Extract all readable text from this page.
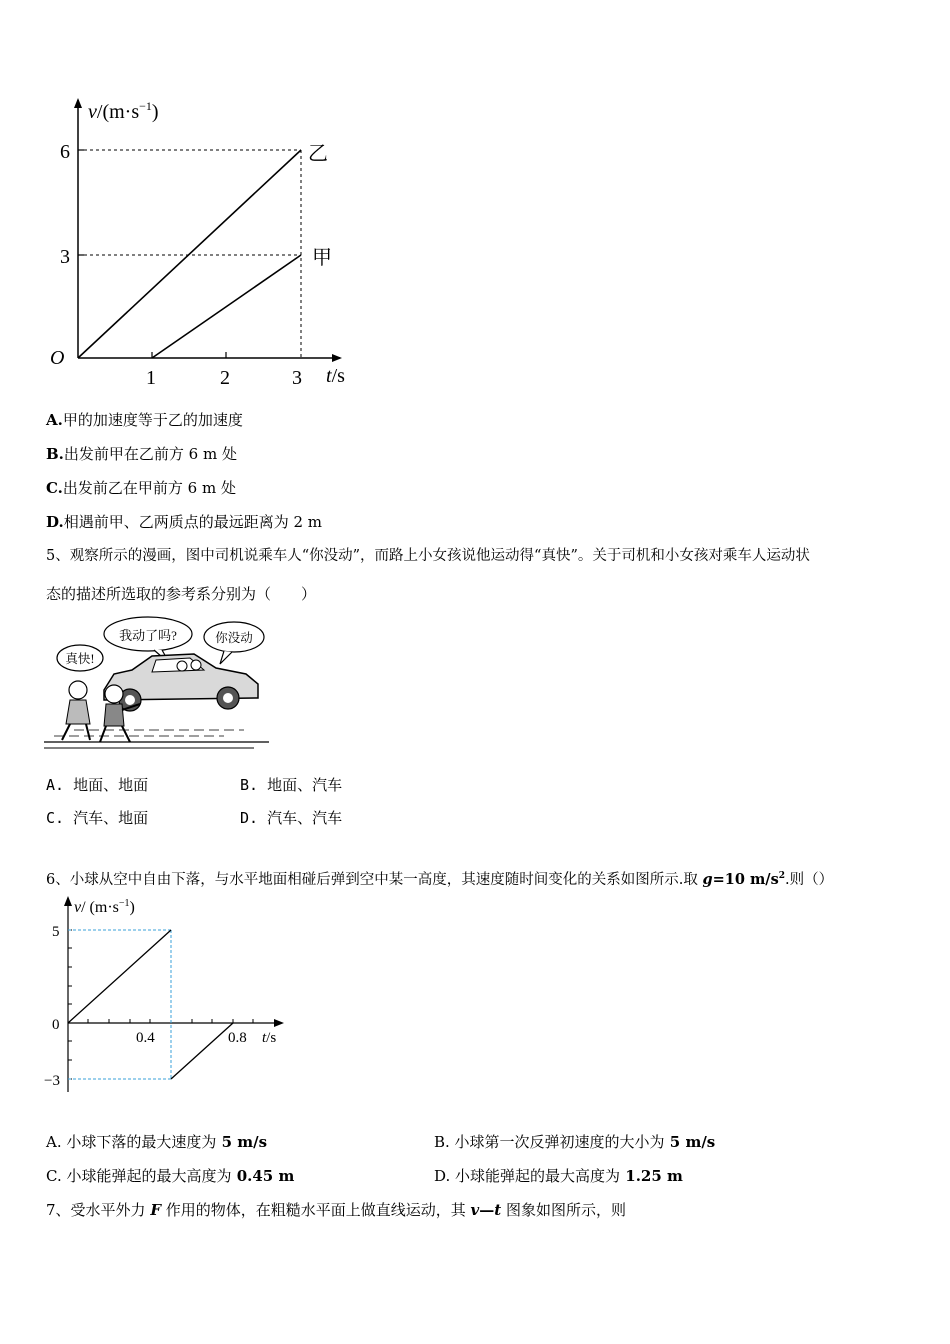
$v/(m\cdot s^{-1})$
O
6
3
1	2	3 t/s
乙
甲
A.甲的加速度等于乙的加速度
B.出发前甲在乙前方 6 m 处
C.出发前乙在甲前方 6 m 处
D.相遇前甲、乙两质点的最远距离为 2 m
5、观察所示的漫画，图中司机说乘车人“你没动”，而路上小女孩说他运动得“真快”。关于司机和小女孩对乘车人运动状
态的描述所选取的参考系分别为（　　）
我动了吗?	你没动
真快!
A. 地面、地面	B. 地面、汽车
C. 汽车、地面	D. 汽车、汽车
6、小球从空中自由下落，与水平地面相碰后弹到空中某一高度，其速度随时间变化的关系如图所示.取 g=10 $m/s^2$.则（）
v/ $(m\cdot s^{-1})$
5
0
−3
0.4	0.8 t/s
A. 小球下落的最大速度为 5 m/s	B. 小球第一次反弹初速度的大小为 5 m/s
C. 小球能弹起的最大高度为 0.45 m	D. 小球能弹起的最大高度为 1.25 m
7、受水平外力 F 作用的物体，在粗糙水平面上做直线运动，其 v—t 图象如图所示，则
